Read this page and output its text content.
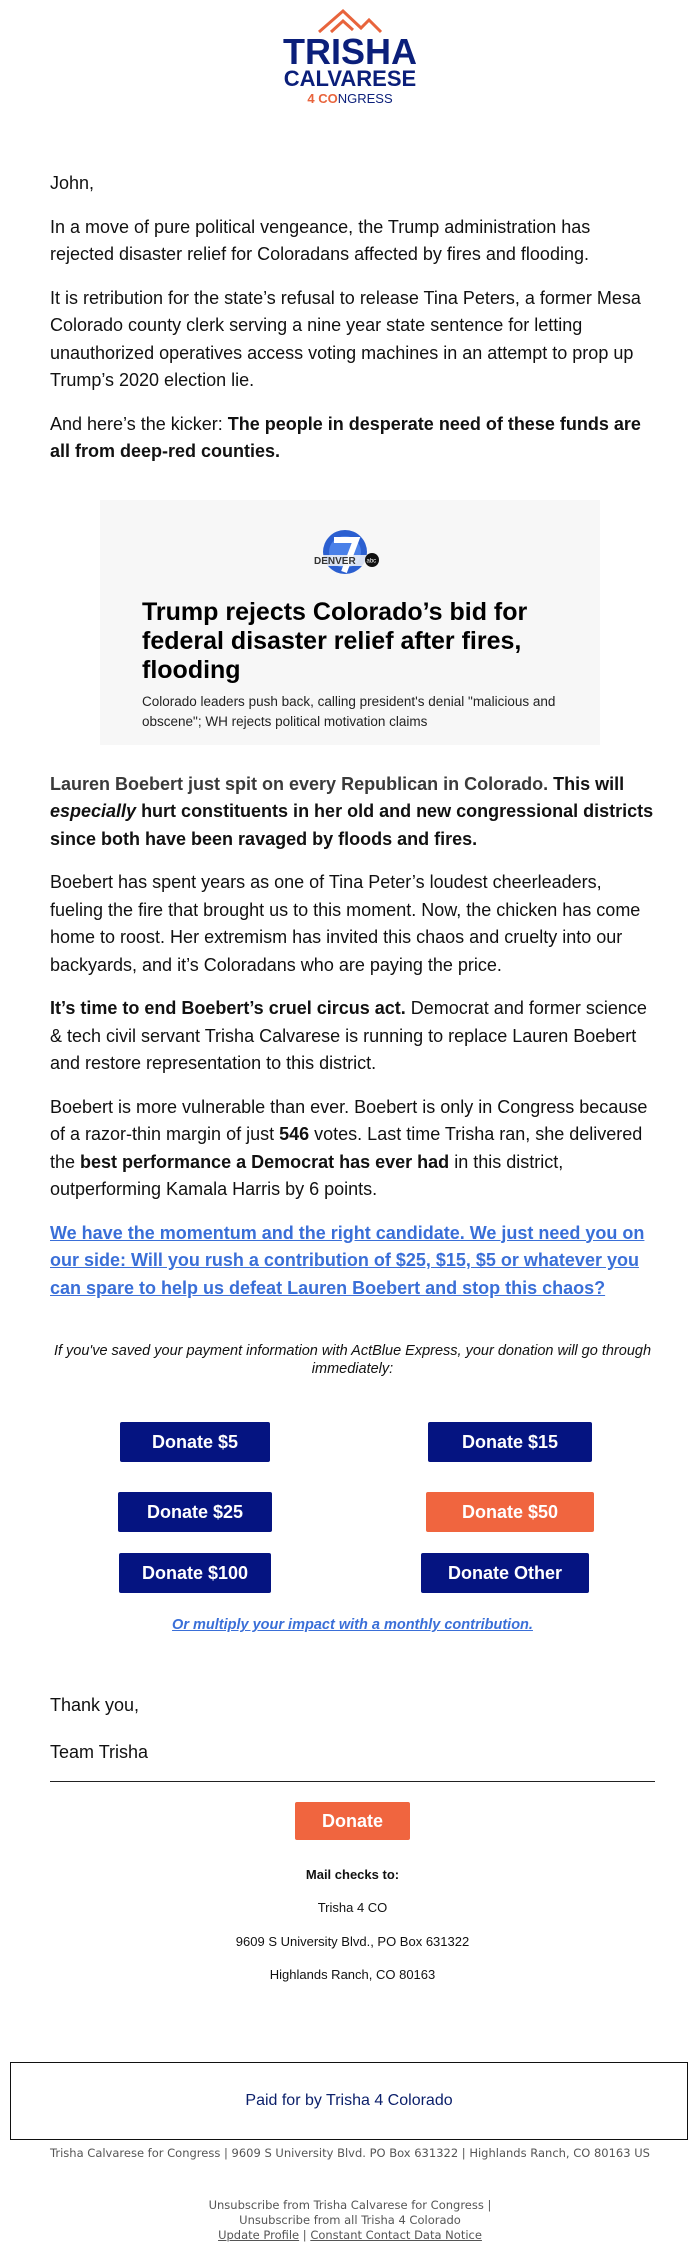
TRISHA
CALVARESE
4 CONGRESS

John,

In a move of pure political vengeance, the Trump administration has rejected disaster relief for Coloradans affected by fires and flooding.

It is retribution for the state’s refusal to release Tina Peters, a former Mesa Colorado county clerk serving a nine year state sentence for letting unauthorized operatives access voting machines in an attempt to prop up Trump’s 2020 election lie.

And here’s the kicker: The people in desperate need of these funds are all from deep-red counties.

DENVER abc
Trump rejects Colorado’s bid for federal disaster relief after fires, flooding
Colorado leaders push back, calling president's denial "malicious and obscene"; WH rejects political motivation claims

Lauren Boebert just spit on every Republican in Colorado. This will especially hurt constituents in her old and new congressional districts since both have been ravaged by floods and fires.

Boebert has spent years as one of Tina Peter’s loudest cheerleaders, fueling the fire that brought us to this moment. Now, the chicken has come home to roost. Her extremism has invited this chaos and cruelty into our backyards, and it’s Coloradans who are paying the price.

It’s time to end Boebert’s cruel circus act. Democrat and former science & tech civil servant Trisha Calvarese is running to replace Lauren Boebert and restore representation to this district.

Boebert is more vulnerable than ever. Boebert is only in Congress because of a razor-thin margin of just 546 votes. Last time Trisha ran, she delivered the best performance a Democrat has ever had in this district, outperforming Kamala Harris by 6 points.

We have the momentum and the right candidate. We just need you on our side: Will you rush a contribution of $25, $15, $5 or whatever you can spare to help us defeat Lauren Boebert and stop this chaos?

If you've saved your payment information with ActBlue Express, your donation will go through immediately:
Donate $5	Donate $15
Donate $25	Donate $50
Donate $100	Donate Other
Or multiply your impact with a monthly contribution.

Thank you,

Team Trisha

Donate
Mail checks to:
Trisha 4 CO
9609 S University Blvd., PO Box 631322
Highlands Ranch, CO 80163
Paid for by Trisha 4 Colorado
Trisha Calvarese for Congress | 9609 S University Blvd. PO Box 631322 | Highlands Ranch, CO 80163 US
Unsubscribe from Trisha Calvarese for Congress |
Unsubscribe from all Trisha 4 Colorado
Update Profile | Constant Contact Data Notice
